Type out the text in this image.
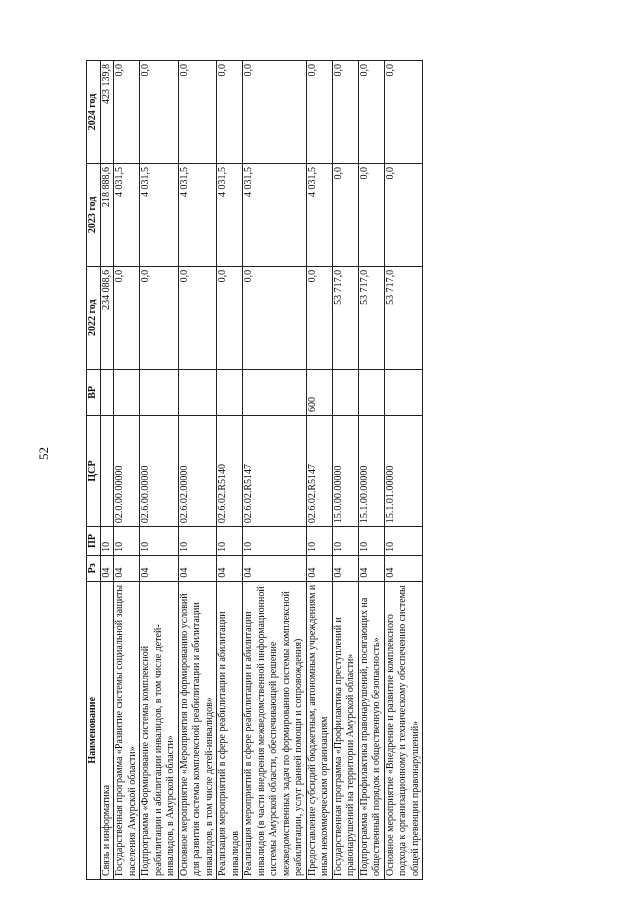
52
Наименование	Рз	ПР	ЦСР	ВР	2022 год	2023 год	2024 год
Связь и информатика	04	10			234 088,6	218 888,6	423 139,8
Государственная программа «Развитие системы социальной защиты населения Амурской области»	04	10	02.0.00.00000		0,0	4 031,5	0,0
Подпрограмма «Формирование системы комплексной реабилитации и абилитации инвалидов, в том числе детей-инвалидов, в Амурской области»	04	10	02.6.00.00000		0,0	4 031,5	0,0
Основное мероприятие «Мероприятия по формированию условий для развития системы комплексной реабилитации и абилитации инвалидов, в том числе детей-инвалидов»	04	10	02.6.02.00000		0,0	4 031,5	0,0
Реализация мероприятий в сфере реабилитации и абилитации инвалидов	04	10	02.6.02.R5140		0,0	4 031,5	0,0
Реализация мероприятий в сфере реабилитации и абилитации инвалидов (в части внедрения межведомственной информационной системы Амурской области, обеспечивающей решение межведомственных задач по формированию системы комплексной реабилитации, услуг ранней помощи и сопровождения)	04	10	02.6.02.R5147		0,0	4 031,5	0,0
Предоставление субсидий бюджетным, автономным учреждениям и иным некоммерческим организациям	04	10	02.6.02.R5147	600	0,0	4 031,5	0,0
Государственная программа «Профилактика преступлений и правонарушений на территории Амурской области»	04	10	15.0.00.00000		53 717,0	0,0	0,0
Подпрограмма «Профилактика правонарушений, посягающих на общественный порядок и общественную безопасность»	04	10	15.1.00.00000		53 717,0	0,0	0,0
Основное мероприятие «Внедрение и развитие комплексного подхода к организационному и техническому обеспечению системы общей превенции правонарушений»	04	10	15.1.01.00000		53 717,0	0,0	0,0
